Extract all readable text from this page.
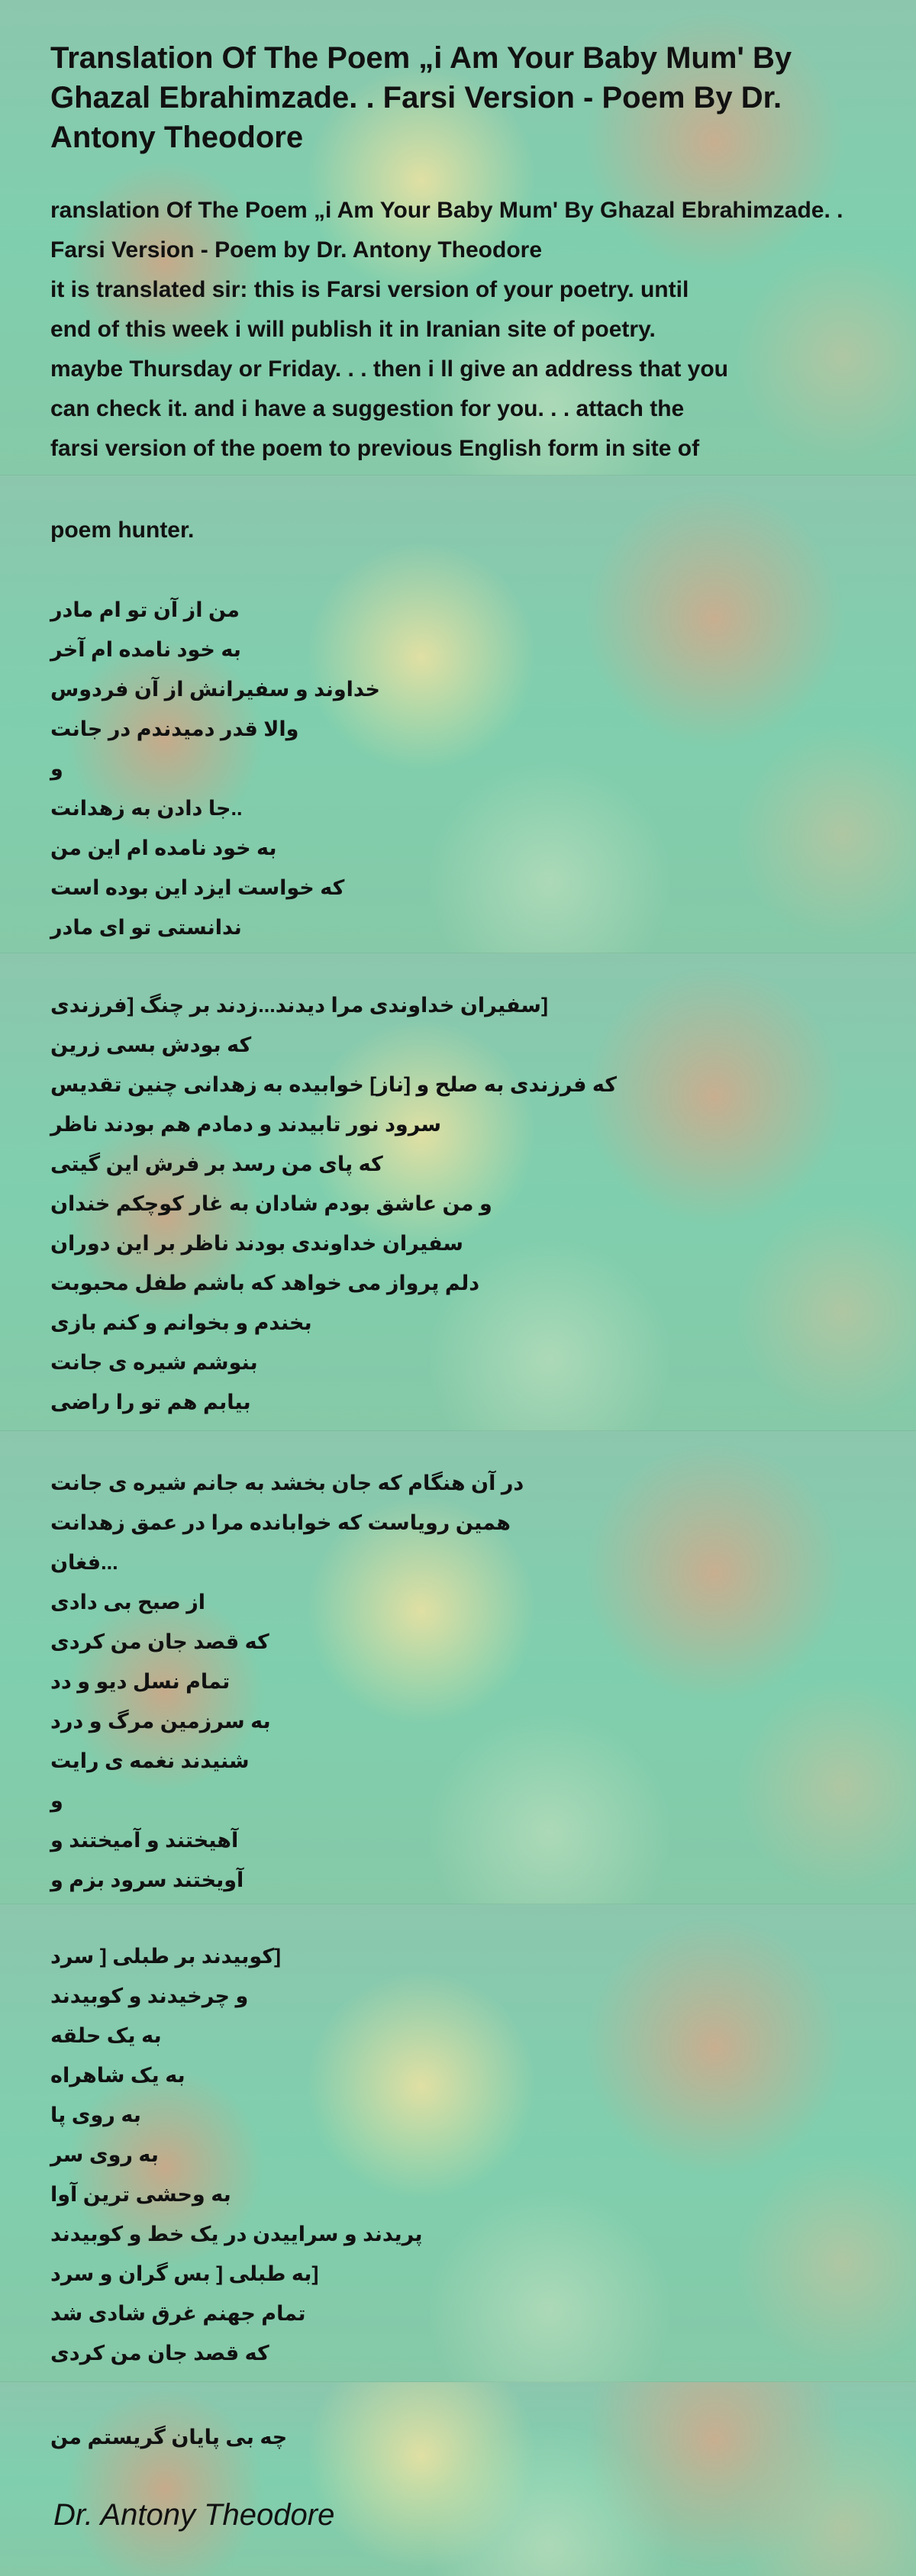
Translation Of The Poem „i Am Your Baby Mum' By Ghazal Ebrahimzade. . Farsi Version - Poem By Dr. Antony Theodore
ranslation Of The Poem „i Am Your Baby Mum' By Ghazal Ebrahimzade. .
Farsi Version - Poem by Dr. Antony Theodore
it is translated sir: this is Farsi version of your poetry. until
end of this week i will publish it in Iranian site of poetry.
maybe Thursday or Friday. . . then i ll give an address that you
can check it. and i have a suggestion for you. . . attach the
farsi version of the poem to previous English form in site of
poem hunter.

من از آن تو ام مادر
به خود نامده ام آخر
خداوند و سفیرانش از آن فردوس
والا قدر دمیدندم در جانت
و
..جا دادن به زهدانت
به خود نامده ام این من
که خواست ایزد این بوده است
ندانستی تو ای مادر
[سفیران خداوندی مرا دیدند...زدند بر چنگ [فرزندی
که بودش بسی زرین
که فرزندی به صلح و [ناز] خوابیده به زهدانی چنین تقدیس
سرود نور تابیدند و دمادم هم بودند ناظر
که پای من رسد بر فرش این گیتی
و من عاشق بودم شادان به غار کوچکم خندان
سفیران خداوندی بودند ناظر بر این دوران
دلم پرواز می خواهد که باشم طفل محبوبت
بخندم و بخوانم و کنم بازی
بنوشم شیره ی جانت
بیابم هم تو را راضی
در آن هنگام که جان بخشد به جانم شیره ی جانت
همین رویاست که خوابانده مرا در عمق زهدانت
...فغان
از صبح بی دادی
که قصد جان من کردی
تمام نسل دیو و دد
به سرزمین مرگ و درد
شنیدند نغمه ی رایت
و
آهیختند و آمیختند و
آویختند سرود بزم و
[کوبیدند بر طبلی [ سرد
و چرخیدند و کوبیدند
به یک حلقه
به یک شاهراه
به روی پا
به روی سر
به وحشی ترین آوا
پریدند و سراییدن در یک خط و کوبیدند
[به طبلی [ بس گران و سرد
تمام جهنم غرق شادی شد
که قصد جان من کردی
چه بی پایان گریستم من
Dr. Antony Theodore
